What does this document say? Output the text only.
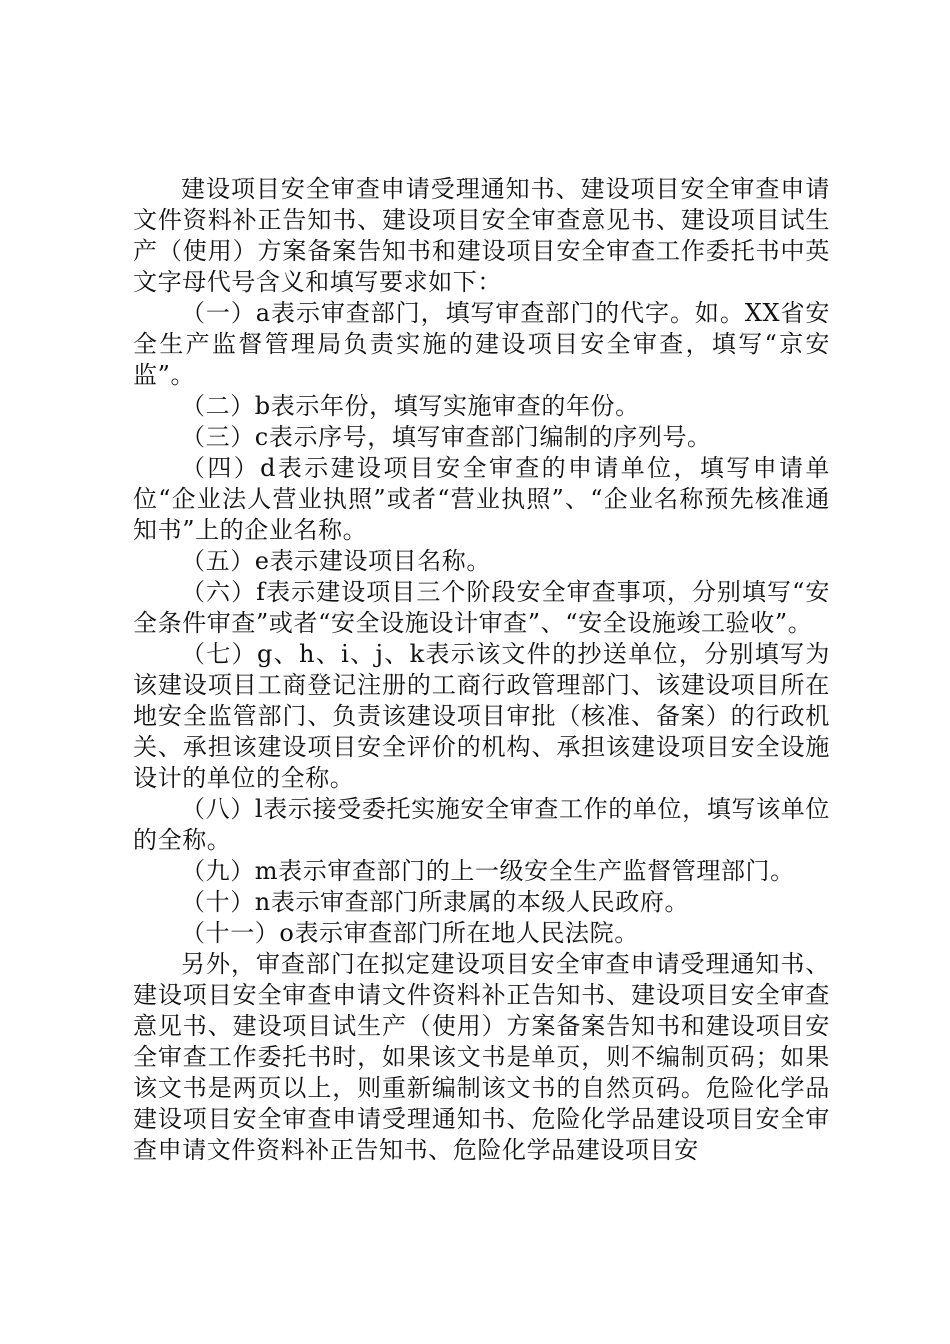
建设项目安全审查申请受理通知书、建设项目安全审查申请文件资料补正告知书、建设项目安全审查意见书、建设项目试生产（使用）方案备案告知书和建设项目安全审查工作委托书中英文字母代号含义和填写要求如下：

（一）a表示审查部门，填写审查部门的代字。如。XX省安全生产监督管理局负责实施的建设项目安全审查，填写“京安监”。

（二）b表示年份，填写实施审查的年份。

（三）c表示序号，填写审查部门编制的序列号。

（四）d表示建设项目安全审查的申请单位，填写申请单位“企业法人营业执照”或者“营业执照”、“企业名称预先核准通知书”上的企业名称。

（五）e表示建设项目名称。

（六）f表示建设项目三个阶段安全审查事项，分别填写“安全条件审查”或者“安全设施设计审查”、“安全设施竣工验收”。

（七）g、h、i、j、k表示该文件的抄送单位，分别填写为该建设项目工商登记注册的工商行政管理部门、该建设项目所在地安全监管部门、负责该建设项目审批（核准、备案）的行政机关、承担该建设项目安全评价的机构、承担该建设项目安全设施设计的单位的全称。

（八）l表示接受委托实施安全审查工作的单位，填写该单位的全称。

（九）m表示审查部门的上一级安全生产监督管理部门。

（十）n表示审查部门所隶属的本级人民政府。

（十一）o表示审查部门所在地人民法院。

另外，审查部门在拟定建设项目安全审查申请受理通知书、建设项目安全审查申请文件资料补正告知书、建设项目安全审查意见书、建设项目试生产（使用）方案备案告知书和建设项目安全审查工作委托书时，如果该文书是单页，则不编制页码；如果该文书是两页以上，则重新编制该文书的自然页码。危险化学品建设项目安全审查申请受理通知书、危险化学品建设项目安全审查申请文件资料补正告知书、危险化学品建设项目安
